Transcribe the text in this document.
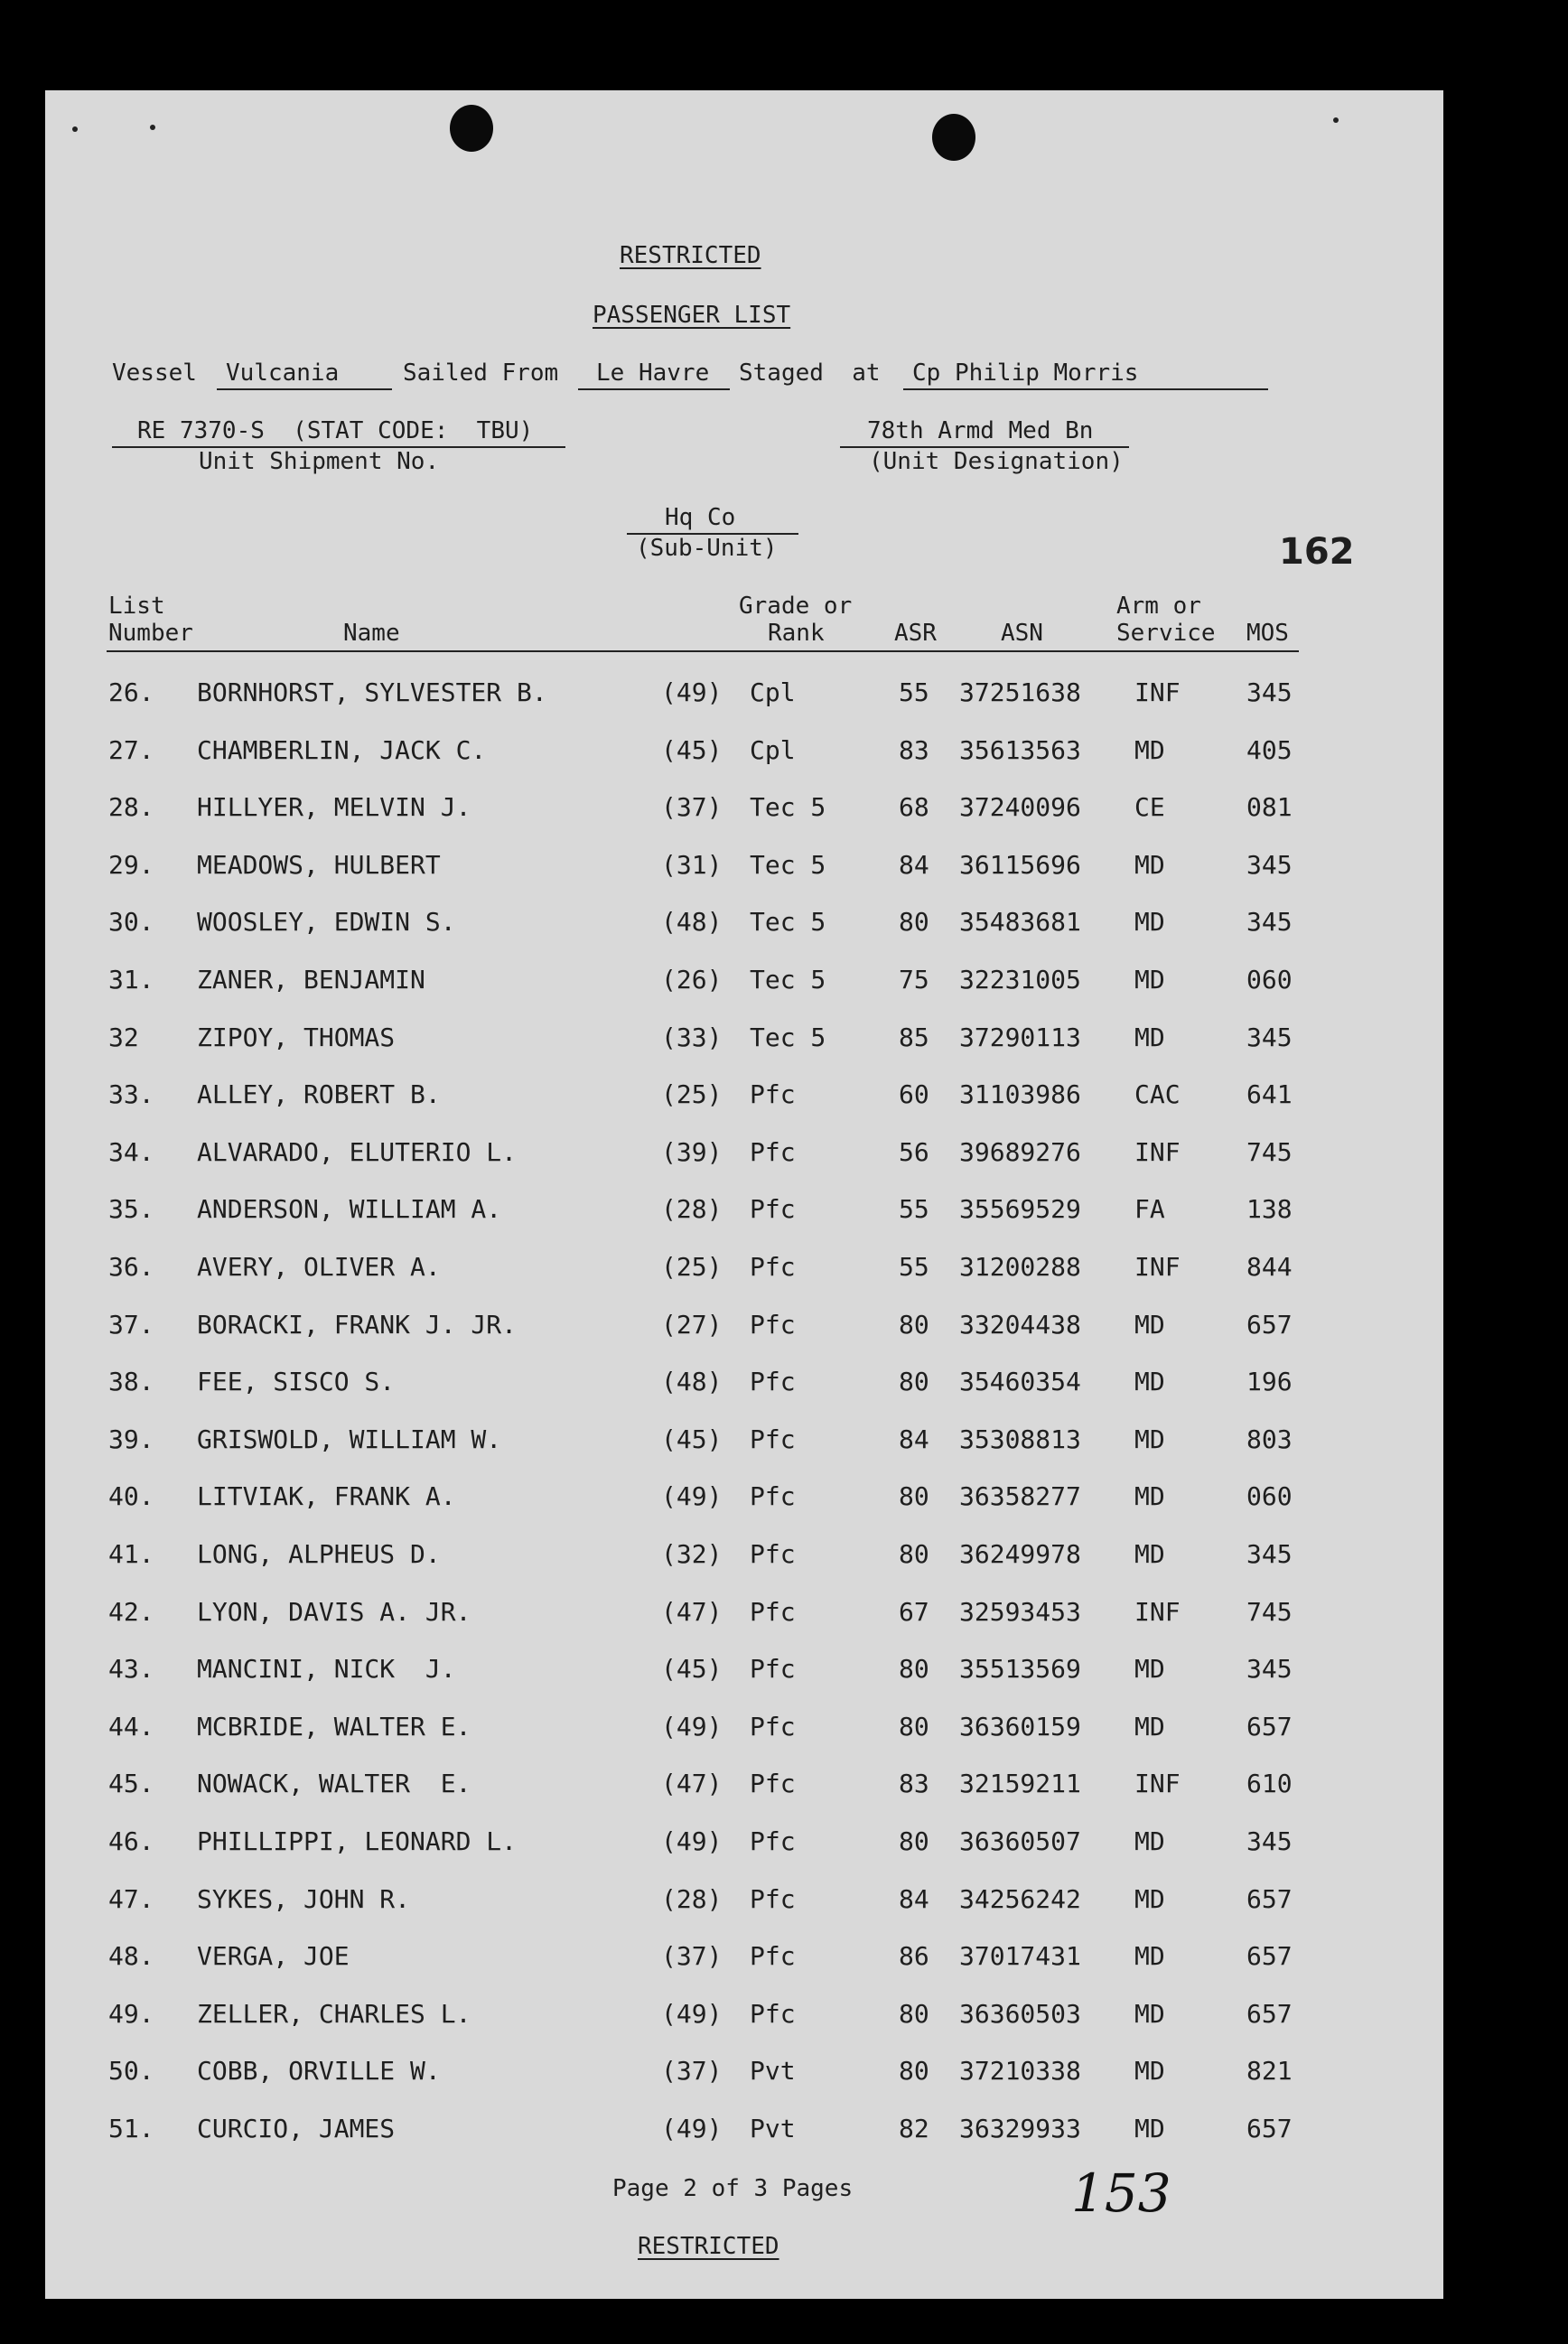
RESTRICTED
PASSENGER LIST
Vessel Vulcania	Sailed From Le Havre Staged  at Cp Philip Morris
RE 7370-S  (STAT CODE:  TBU)
Unit Shipment No.
78th Armd Med Bn
(Unit Designation)
Hq Co
(Sub-Unit)	162
List
Number	Name
Grade or
Rank	ASR	ASN
Arm or
Service MOS
26. BORNHORST, SYLVESTER B.	(49) Cpl	55 37251638 INF	345
27. CHAMBERLIN, JACK C.	(45) Cpl	83 35613563 MD	405
28. HILLYER, MELVIN J.	(37) Tec 5	68 37240096 CE	081
29. MEADOWS, HULBERT	(31) Tec 5	84 36115696 MD	345
30. WOOSLEY, EDWIN S.	(48) Tec 5	80 35483681 MD	345
31. ZANER, BENJAMIN	(26) Tec 5	75 32231005 MD	060
32 ZIPOY, THOMAS	(33) Tec 5	85 37290113 MD	345
33. ALLEY, ROBERT B.	(25) Pfc	60 31103986 CAC	641
34. ALVARADO, ELUTERIO L.	(39) Pfc	56 39689276 INF	745
35. ANDERSON, WILLIAM A.	(28) Pfc	55 35569529 FA	138
36. AVERY, OLIVER A.	(25) Pfc	55 31200288 INF	844
37. BORACKI, FRANK J. JR.	(27) Pfc	80 33204438 MD	657
38. FEE, SISCO S.	(48) Pfc	80 35460354 MD	196
39. GRISWOLD, WILLIAM W.	(45) Pfc	84 35308813 MD	803
40. LITVIAK, FRANK A.	(49) Pfc	80 36358277 MD	060
41. LONG, ALPHEUS D.	(32) Pfc	80 36249978 MD	345
42. LYON, DAVIS A. JR.	(47) Pfc	67 32593453 INF	745
43. MANCINI, NICK  J.	(45) Pfc	80 35513569 MD	345
44. MCBRIDE, WALTER E.	(49) Pfc	80 36360159 MD	657
45. NOWACK, WALTER  E.	(47) Pfc	83 32159211 INF	610
46. PHILLIPPI, LEONARD L.	(49) Pfc	80 36360507 MD	345
47. SYKES, JOHN R.	(28) Pfc	84 34256242 MD	657
48. VERGA, JOE	(37) Pfc	86 37017431 MD	657
49. ZELLER, CHARLES L.	(49) Pfc	80 36360503 MD	657
50. COBB, ORVILLE W.	(37) Pvt	80 37210338 MD	821
51. CURCIO, JAMES	(49) Pvt	82 36329933 MD	657
Page 2 of 3 Pages	153
RESTRICTED
